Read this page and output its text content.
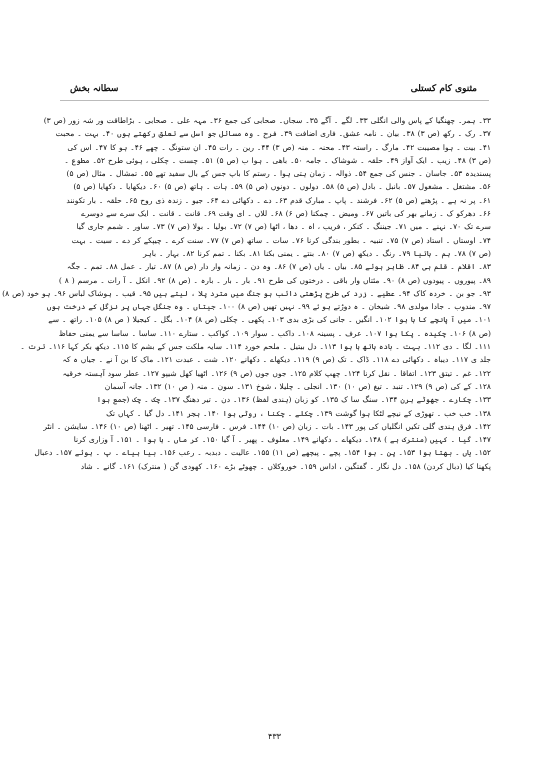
سطانہ بخش	مثنوی کام کستلی
۳۳۔ ہمر۔ چھنگیا کے پاس والی انگلی ۳۳۔ لگے ۔ آگے ۳۵۔ سجاں۔ صحابی کی جمع ۳۶۔ مہہ علی ۔ صحابی ۔ بڑاطاقت ور شہ زور (ص ۳)
۳۷۔ رک ۔ رکھ (ص ۳) ۳۸۔ بیان ۔ نامہ عشق۔ فاری اضافت ۳۹۔ فرح ۔ وہ مسائل جو اسل سے تعلق رکھتے ہوں ۴۰۔ بہت ۔ محبت
۴۱۔ بیت ۔ ہوا مصیبت ۴۲۔ مارگ ۔ راستہ ۴۳۔ محنہ ۔ منہ (ص ۳) ۴۴۔ رین ۔ رات ۴۵۔ ان ستونگ ۔ چھے ۴۶۔ ہو کا ۴۷۔ اس کی
(ص ۳) ۴۸۔ زیب ۔ ایک آواز ۴۹۔ حلقہ ۔ شوشاک ۔ جامہ ۵۰۔ باھی ۔ ہوا ب (ص ۵) ۵۱۔ چست ۔ چکلی ، ہوئی طرح ۵۲۔ مطوع ۔
پسندیدہ ۵۳۔ جاسان ۔ جنس کی جمع ۵۴۔ ذوالہ ۔ زمان ہتی ہوا ۔ رستم کا باپ جس کے بال سفید تھے ۵۵۔ تمشال ۔ مثال (ص ۵)
۵۶۔ مشتغل ۔ مشغول ۵۷۔ بانبل ۔ بادل (ص ۵) ۵۸۔ دولوں ۔ دونوں (ص ۵) ۵۹۔ ہات ۔ ہاتھ (ص ۵) ۶۰۔ دیکھایا ۔ دکھایا (ص ۵)
۶۱۔ پر نہ ہے ۔ پڑھتے (ص ۵) ۶۲۔ فرشند ۔ پاپ ۔ مبارک قدم ۶۳۔ دے ۔ دکھائی دے ۶۴۔ جیو ۔ زندہ ذی روح ۶۵۔ حلقہ ۔ بار تکونند
۶۶۔ دھرکو ک ۔ زمانے بھر کی باتیں ۶۷۔ ومیض ۔ چمکنا (ص ۶) ۶۸۔ للاں ۔ ای وقت ۶۹۔ قانت ۔ قانت ۔ ایک سرے سے دوسرے
سرے تک ۷۰۔ نہنے ۔ میں ۷۱۔ جیننگ ۔ کنکر ، فریب ، اہ ۔ دھا ، اٹھا (ص ۷) ۷۲۔ بولیا ۔ بولا (ص ۷) ۷۳۔ ساور ۔ شمم جاری گیا
۷۴۔ اوستاں ۔ استاد (ص ۷) ۷۵۔ تنبیہ ۔ بطور بندگی کرنا ۷۶۔ سات ۔ ساتھ (ص ۷) ۷۷۔ سنت کرے ۔ چیپکے کر دے ۔ سیت ۔ بہت
(ص ۷) ۷۸۔ ہم ۔ ہاتیا ۷۹۔ رنگ ۔ دیکھ (ص ۷) ۸۰۔ بنتے ۔ یمنی بکنا ۸۱۔ بکنا ۔ تمم کرنا ۸۲۔ بہار ۔ باہر
۸۳۔ اقلام ۔ قلم ہی ۸۴۔ ظاہر ہوئے ۸۵۔ بیاں ۔ یاں (ص ۷) ۸۶۔ وہ دن ۔ زمانہ وار دار (ص ۸) ۸۷۔ تیار ۔ عمل ۸۸۔ تمم ۔ جگہ
۸۹۔ پیوروں ۔ پیودوں (ص ۸) ۹۰۔ مئتاں وار باقی ۔ درختوں کی طرح ۹۱۔ بار ۔ بار ۔ بارہ ۔ (ص ۸) ۹۲۔ انکل ۔ آ رات ۔ مرسم ( ۸ )
۹۳۔ جو بن ۔ خردہ کاک ۹۴۔ عطیے ۔ زرد کی طرح پڑھتی دائب ہو جنگ میں مترد پلا ، لیتے ہیں ۹۵۔ قیب ۔ ہوشاک لباس ۹۶۔ ہو خود (ص ۸)
۹۷۔ مندوب ۔ جادا مولدی ۹۸۔ شیخان ۔ ہ دوڑتے ہو ئے ۹۹۔ نہیں تھیں (ص ۸) ۱۰۰۔ جیتاں ۔ وہ جنگل جہاں پر نزگل کے درخت ہوں
۱۰۱۔ میں آ پانچے کا ہا ہوا ۱۰۲۔ انگیں ۔ جانی کی بڑی بدی ۱۰۳۔ پکھی ۔ چکلی (ص ۸) ۱۰۴۔ بگل ۔ کیجیلا ( ص ۸) ۱۰۵۔ راتھ ۔ سے
(ص ۸) ۱۰۶۔ چکیدہ ۔ پکا ہوا ۱۰۷۔ عرف ۔ پسینہ ۱۰۸۔ داکب ۔ سوار ۱۰۹۔ کواکب ۔ ستارے ۱۱۰۔ ساسا ۔ ساسا سے یمنی حفاظ
۱۱۱۔ لگا ۔ دی ۱۱۲۔ بہت ۔ بادہ ہاتھ ہا ہوا ۱۱۳۔ دل بیتیل ۔ ملحم خورد ۱۱۴۔ سایہ ملکت جس کے بشم کا ۱۱۵۔ دیکھ بکر کہا ۱۱۶۔ ترت ۔
جلد ی ۱۱۷۔ دیباہ ۔ دکھائی دے ۱۱۸۔ ڈاک ۔ تک (ص ۹) ۱۱۹۔ دیکھاے ۔ دکھانے ۱۲۰۔ شت ۔ عبدت ۱۲۱۔ ماک کا بن آ نے ۔ جیاں ہ کہ
۱۲۲۔ غم ۔ تیتق ۱۲۳۔ اتفاقا ۔ نقل کرنا ۱۲۴۔ چھپ کلام ۱۲۵۔ جوں جوں (ص ۹) ۱۲۶۔ اٹھیا کھل شیپو ۱۲۷۔ عطر سود آہستہ خرقیہ
۱۲۸۔ کے کی (ص ۹) ۱۲۹۔ تنبد ۔ تیغ (ص ۱۰) ۱۳۰۔ انجلی ۔ چلیلا ، شوخ ۱۳۱۔ سون ۔ منہ ( ص ۱۰) ۱۳۲۔ جانہ آسمان
۱۳۳۔ چکارے ۔ جھوٹے ہرن ۱۳۴۔ سنگ سا ک ۱۳۵۔ کو زبان (ہندی لفظ) ۱۳۶۔ دن ۔ تیر دھنگ ۱۳۷۔ چک ۔ چک (جمع ہوا
۱۳۸۔ خب خب ۔ تھوڑی کے نیچے لٹکا ہوا گوشت ۱۳۹۔ چکلے ۔ چکنا ، روٹی ہوا ۱۴۰۔ ہجر ۱۴۱۔ دل گیا ۔ کہاں تک
۱۴۲۔ فرق ہندی گلی تکیں انگلیاں کی پور ۱۴۳۔ بات ۔ زبان (ص ۱۰) ۱۴۴۔ فرس ۔ فارسی ۱۴۵۔ تھیر ۔ اٹھنا (ص ۱۰) ۱۴۶۔ سایشن ۔ انٹر
۱۴۷۔ گیا ۔ کہیں (منترک ہے ) ۱۴۸۔ دیکھاے ۔ دکھانے ۱۴۹۔ معلوف ۔ پھیر ۔ آ گیا ۱۵۰۔ کر ماں ۔ ہا ہوا ۔ ۱۵۱۔ آ وزاری کرنا
۱۵۲۔ یاں ۔ بھتا ہوا ۱۵۳۔ پن ۔ ہوا ۱۵۴۔ پچے ۔ پیچھے (ص ۱۱) ۱۵۵۔ عالیت ۔ دبدبہ ۔ رعب ۱۵۶۔ بیا ہیاے ۔ پ ۔ ہوئے ۱۵۷۔ دعبال
پکھنا کیا (دبال کردن) ۱۵۸۔ دل نگار ۔ گفتگین ، اداس ۱۵۹۔ خوروکلاں ۔ چھوٹے بڑے ۱۶۰۔ کھودی گن ( منترک) ۱۶۱۔ گانے ۔ شاد
۴۳۳
